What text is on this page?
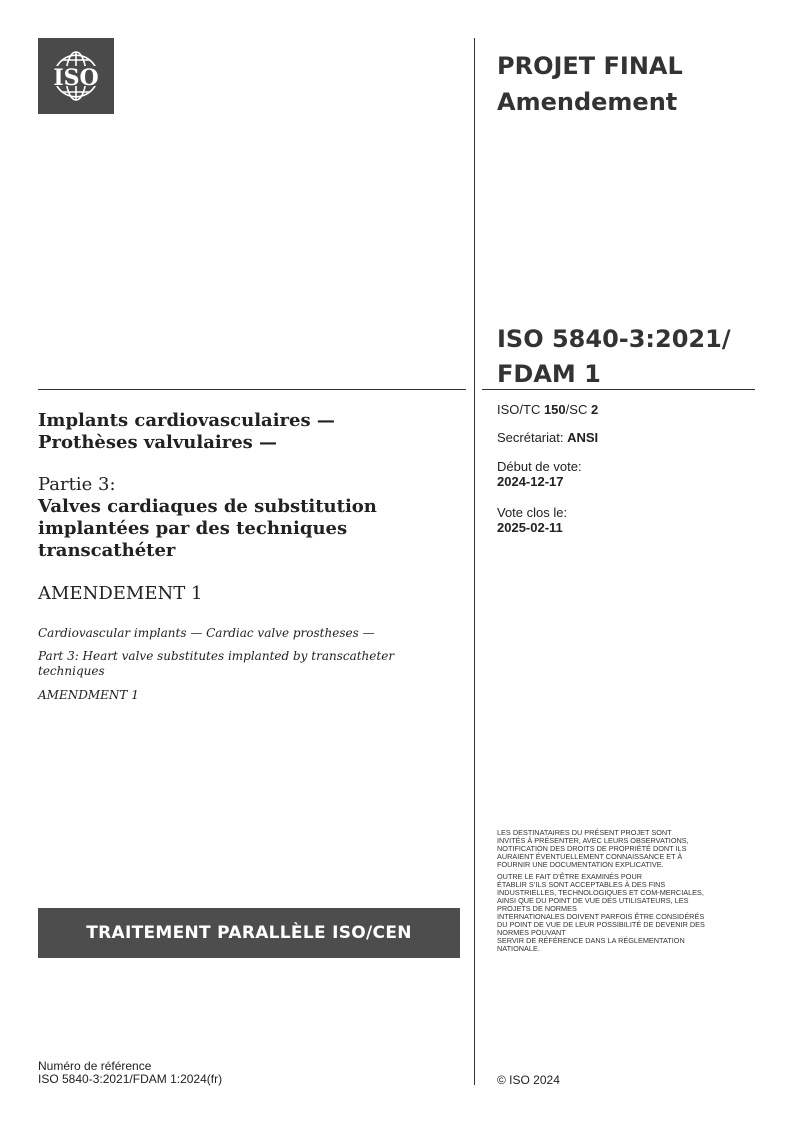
ISO	PROJET FINAL
Amendement
ISO 5840-3:2021/
FDAM 1
ISO/TC 150/SC 2
Secrétariat: ANSI
Début de vote:
2024-12-17
Vote clos le:
2025-02-11
Implants cardiovasculaires —
Prothèses valvulaires —
Partie 3:
Valves cardiaques de substitution implantées par des techniques transcathéter
AMENDEMENT 1
Cardiovascular implants — Cardiac valve prostheses —
Part 3: Heart valve substitutes implanted by transcatheter techniques
AMENDMENT 1
TRAITEMENT PARALLÈLE ISO/CEN

LES DESTINATAIRES DU PRÉSENT PROJET SONT
INVITÉS À PRÉSENTER, AVEC LEURS OBSERVATIONS,
NOTIFICATION DES DROITS DE PROPRIÉTÉ DONT ILS
AURAIENT ÉVENTUELLEMENT CONNAISSANCE ET À
FOURNIR UNE DOCUMENTATION EXPLICATIVE.

OUTRE LE FAIT D’ÊTRE EXAMINÉS POUR
ÉTABLIR S’ILS SONT ACCEPTABLES À DES FINS
INDUSTRIELLES, TECHNOLOGIQUES ET COM-MERCIALES,
AINSI QUE DU POINT DE VUE DES UTILISATEURS, LES
PROJETS DE NORMES
INTERNATIONALES DOIVENT PARFOIS ÊTRE CONSIDÉRÉS
DU POINT DE VUE DE LEUR POSSIBILITÉ DE DEVENIR DES
NORMES POUVANT
SERVIR DE RÉFÉRENCE DANS LA RÉGLEMENTATION
NATIONALE.

Numéro de référence
ISO 5840-3:2021/FDAM 1:2024(fr)	© ISO 2024
